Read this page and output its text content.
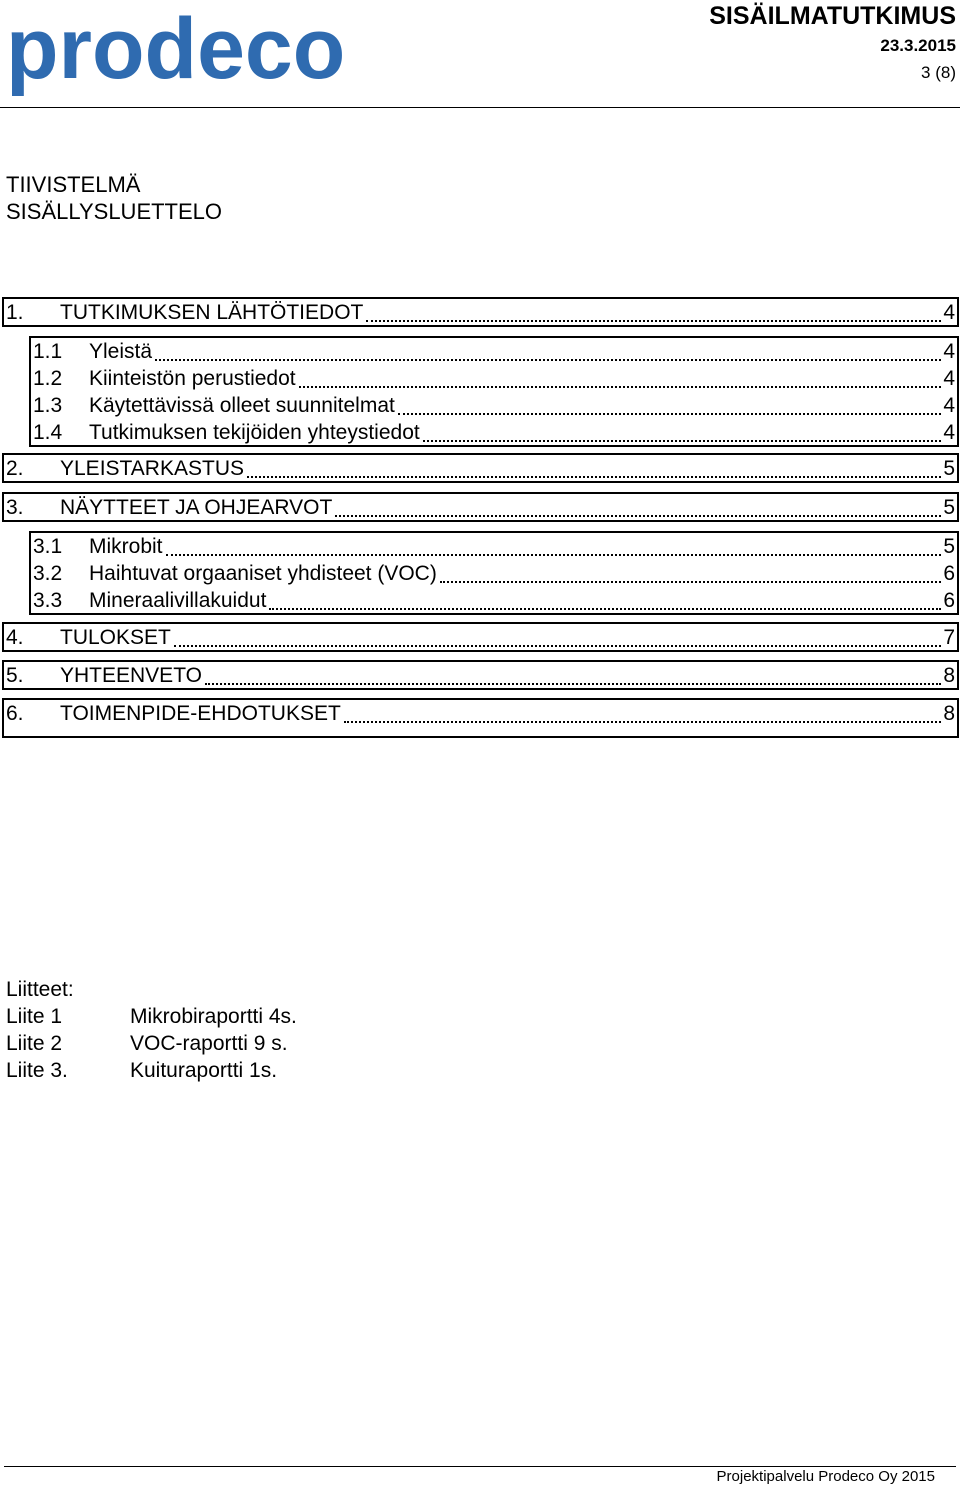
prodeco	SISÄILMATUTKIMUS
23.3.2015
3 (8)
TIIVISTELMÄ
SISÄLLYSLUETTELO
1.	TUTKIMUKSEN LÄHTÖTIEDOT	4
1.1	Yleistä	4
1.2	Kiinteistön perustiedot	4
1.3	Käytettävissä olleet suunnitelmat	4
1.4	Tutkimuksen tekijöiden yhteystiedot	4
2.	YLEISTARKASTUS	5
3.	NÄYTTEET JA OHJEARVOT	5
3.1	Mikrobit	5
3.2	Haihtuvat orgaaniset yhdisteet (VOC)	6
3.3	Mineraalivillakuidut	6
4.	TULOKSET	7
5.	YHTEENVETO	8
6.	TOIMENPIDE-EHDOTUKSET	8
Liitteet:
Liite 1	Mikrobiraportti 4s.
Liite 2	VOC-raportti 9 s.
Liite 3.	Kuituraportti 1s.
Projektipalvelu Prodeco Oy 2015
